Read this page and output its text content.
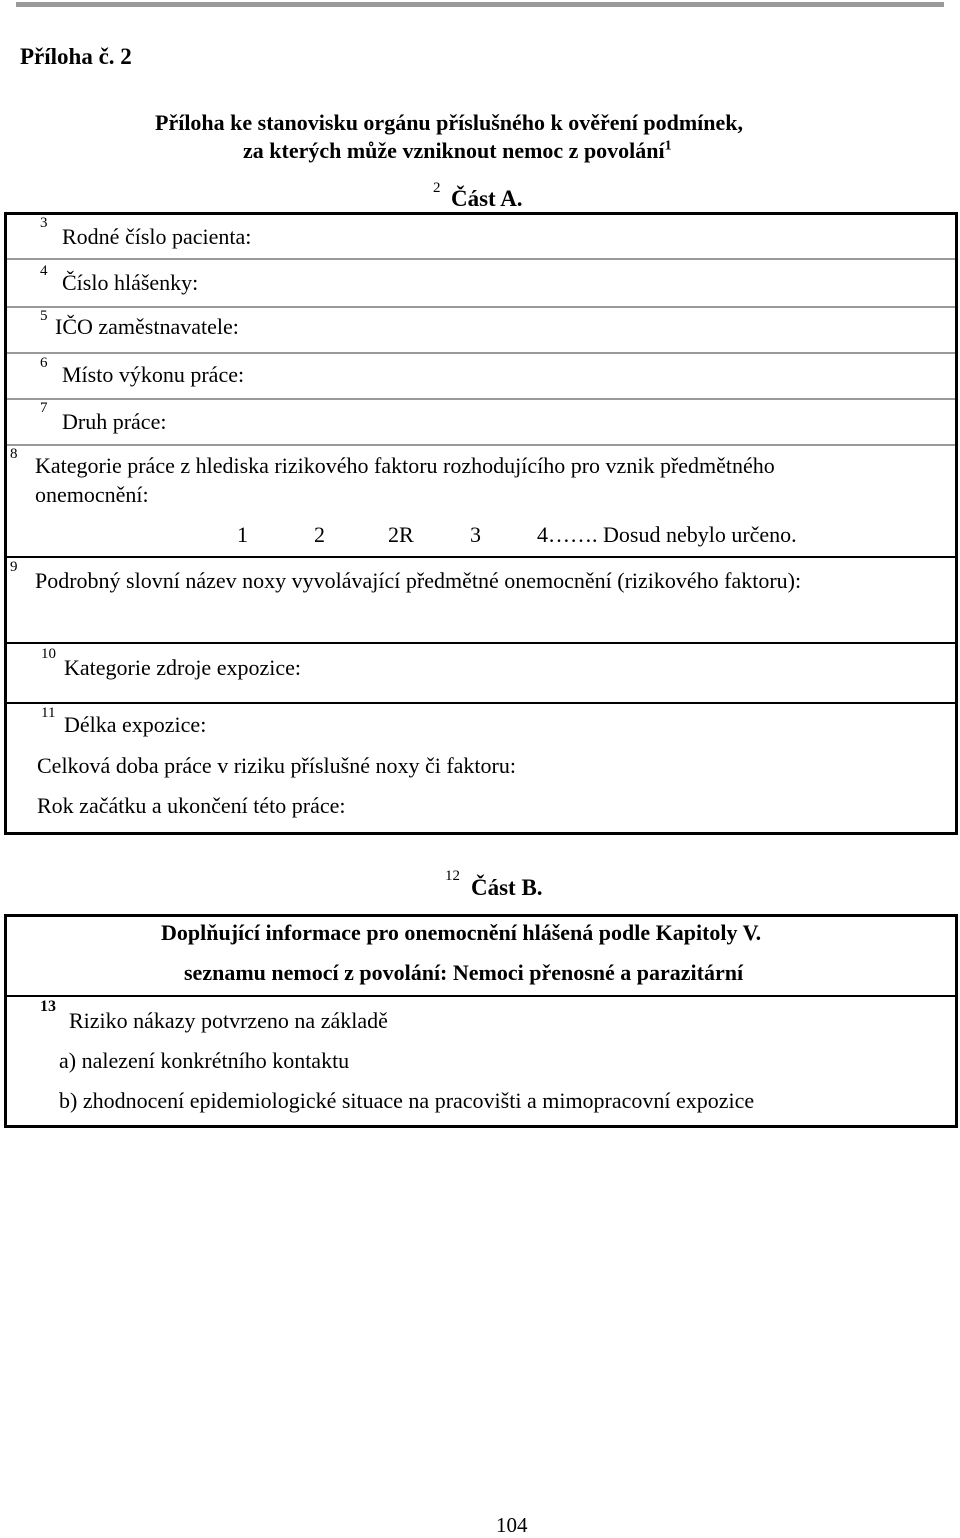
Příloha č. 2
Příloha ke stanovisku orgánu příslušného k ověření podmínek,
za kterých může vzniknout nemoc z povolání$^1$
2 Část A.
3
Rodné číslo pacienta:
4 Číslo hlášenky:
5 IČO zaměstnavatele:
6 Místo výkonu práce:
7
Druh práce:
8 Kategorie práce z hlediska rizikového faktoru rozhodujícího pro vznik předmětného
onemocnění:
1	2	2R	3	4……. Dosud nebylo určeno.
9
Podrobný slovní název noxy vyvolávající předmětné onemocnění (rizikového faktoru):
10
Kategorie zdroje expozice:
11 Délka expozice:
Celková doba práce v riziku příslušné noxy či faktoru:
Rok začátku a ukončení této práce:
12 Část B.
Doplňující informace pro onemocnění hlášená podle Kapitoly V.
seznamu nemocí z povolání: Nemoci přenosné a parazitární
13
Riziko nákazy potvrzeno na základě
a) nalezení konkrétního kontaktu
b) zhodnocení epidemiologické situace na pracovišti a mimopracovní expozice
104
